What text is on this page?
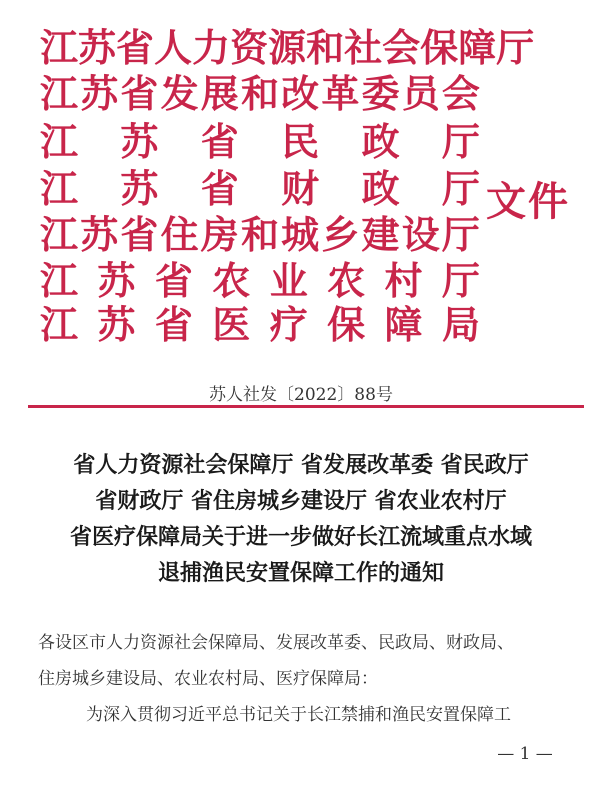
江 苏 省 人 力 资 源 和 社 会 保 障 厅
江 苏 省 发 展 和 改 革 委 员 会
江 苏 省 民 政 厅
江 苏 省 财 政 厅
江 苏 省 住 房 和 城 乡 建 设 厅
江 苏 省 农 业 农 村 厅
江 苏 省 医 疗 保 障 局
文件
苏人社发〔2022〕88号
省人力资源社会保障厅 省发展改革委 省民政厅
省财政厅 省住房城乡建设厅 省农业农村厅
省医疗保障局关于进一步做好长江流域重点水域
退捕渔民安置保障工作的通知
各设区市人力资源社会保障局、发展改革委、民政局、财政局、
住房城乡建设局、农业农村局、医疗保障局：
为深入贯彻习近平总书记关于长江禁捕和渔民安置保障工
— 1 —
